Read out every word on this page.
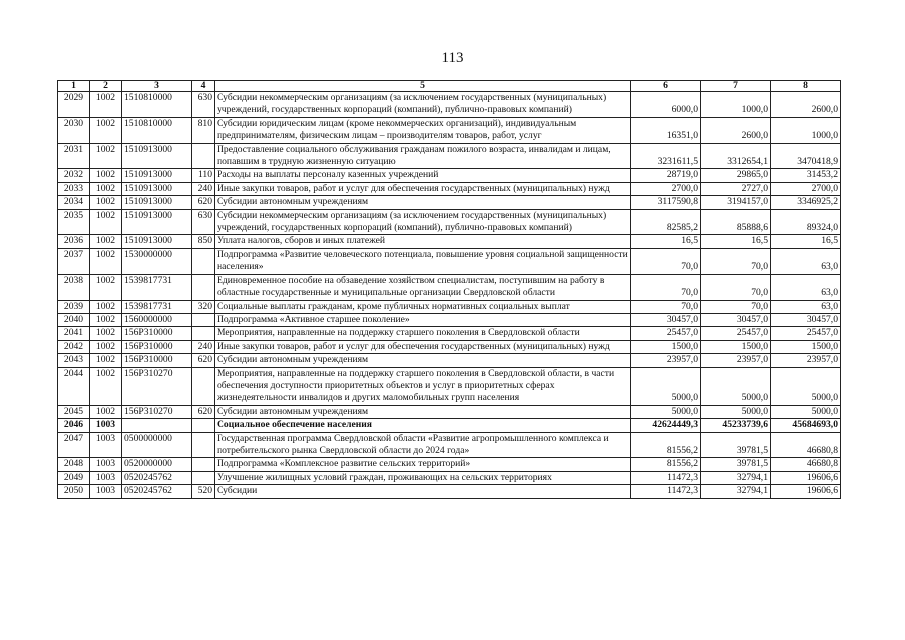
113
1	2	3	4	5	6	7	8
2029	1002	1510810000	630	Субсидии некоммерческим организациям (за исключением государственных (муниципальных) учреждений, государственных корпораций (компаний), публично-правовых компаний)	6000,0	1000,0	2600,0
2030	1002	1510810000	810	Субсидии юридическим лицам (кроме некоммерческих организаций), индивидуальным предпринимателям, физическим лицам – производителям товаров, работ, услуг	16351,0	2600,0	1000,0
2031	1002	1510913000		Предоставление социального обслуживания гражданам пожилого возраста, инвалидам и лицам, попавшим в трудную жизненную ситуацию	3231611,5	3312654,1	3470418,9
2032	1002	1510913000	110	Расходы на выплаты персоналу казенных учреждений	28719,0	29865,0	31453,2
2033	1002	1510913000	240	Иные закупки товаров, работ и услуг для обеспечения государственных (муниципальных) нужд	2700,0	2727,0	2700,0
2034	1002	1510913000	620	Субсидии автономным учреждениям	3117590,8	3194157,0	3346925,2
2035	1002	1510913000	630	Субсидии некоммерческим организациям (за исключением государственных (муниципальных) учреждений, государственных корпораций (компаний), публично-правовых компаний)	82585,2	85888,6	89324,0
2036	1002	1510913000	850	Уплата налогов, сборов и иных платежей	16,5	16,5	16,5
2037	1002	1530000000		Подпрограмма «Развитие человеческого потенциала, повышение уровня социальной защищенности населения»	70,0	70,0	63,0
2038	1002	1539817731		Единовременное пособие на обзаведение хозяйством специалистам, поступившим на работу в областные государственные и муниципальные организации Свердловской области	70,0	70,0	63,0
2039	1002	1539817731	320	Социальные выплаты гражданам, кроме публичных нормативных социальных выплат	70,0	70,0	63,0
2040	1002	1560000000		Подпрограмма «Активное старшее поколение»	30457,0	30457,0	30457,0
2041	1002	156P310000		Мероприятия, направленные на поддержку старшего поколения в Свердловской области	25457,0	25457,0	25457,0
2042	1002	156P310000	240	Иные закупки товаров, работ и услуг для обеспечения государственных (муниципальных) нужд	1500,0	1500,0	1500,0
2043	1002	156P310000	620	Субсидии автономным учреждениям	23957,0	23957,0	23957,0
2044	1002	156P310270		Мероприятия, направленные на поддержку старшего поколения в Свердловской области, в части обеспечения доступности приоритетных объектов и услуг в приоритетных сферах жизнедеятельности инвалидов и других маломобильных групп населения	5000,0	5000,0	5000,0
2045	1002	156P310270	620	Субсидии автономным учреждениям	5000,0	5000,0	5000,0
2046	1003			Социальное обеспечение населения	42624449,3	45233739,6	45684693,0
2047	1003	0500000000		Государственная программа Свердловской области «Развитие агропромышленного комплекса и потребительского рынка Свердловской области до 2024 года»	81556,2	39781,5	46680,8
2048	1003	0520000000		Подпрограмма «Комплексное развитие сельских территорий»	81556,2	39781,5	46680,8
2049	1003	0520245762		Улучшение жилищных условий граждан, проживающих на сельских территориях	11472,3	32794,1	19606,6
2050	1003	0520245762	520	Субсидии	11472,3	32794,1	19606,6
